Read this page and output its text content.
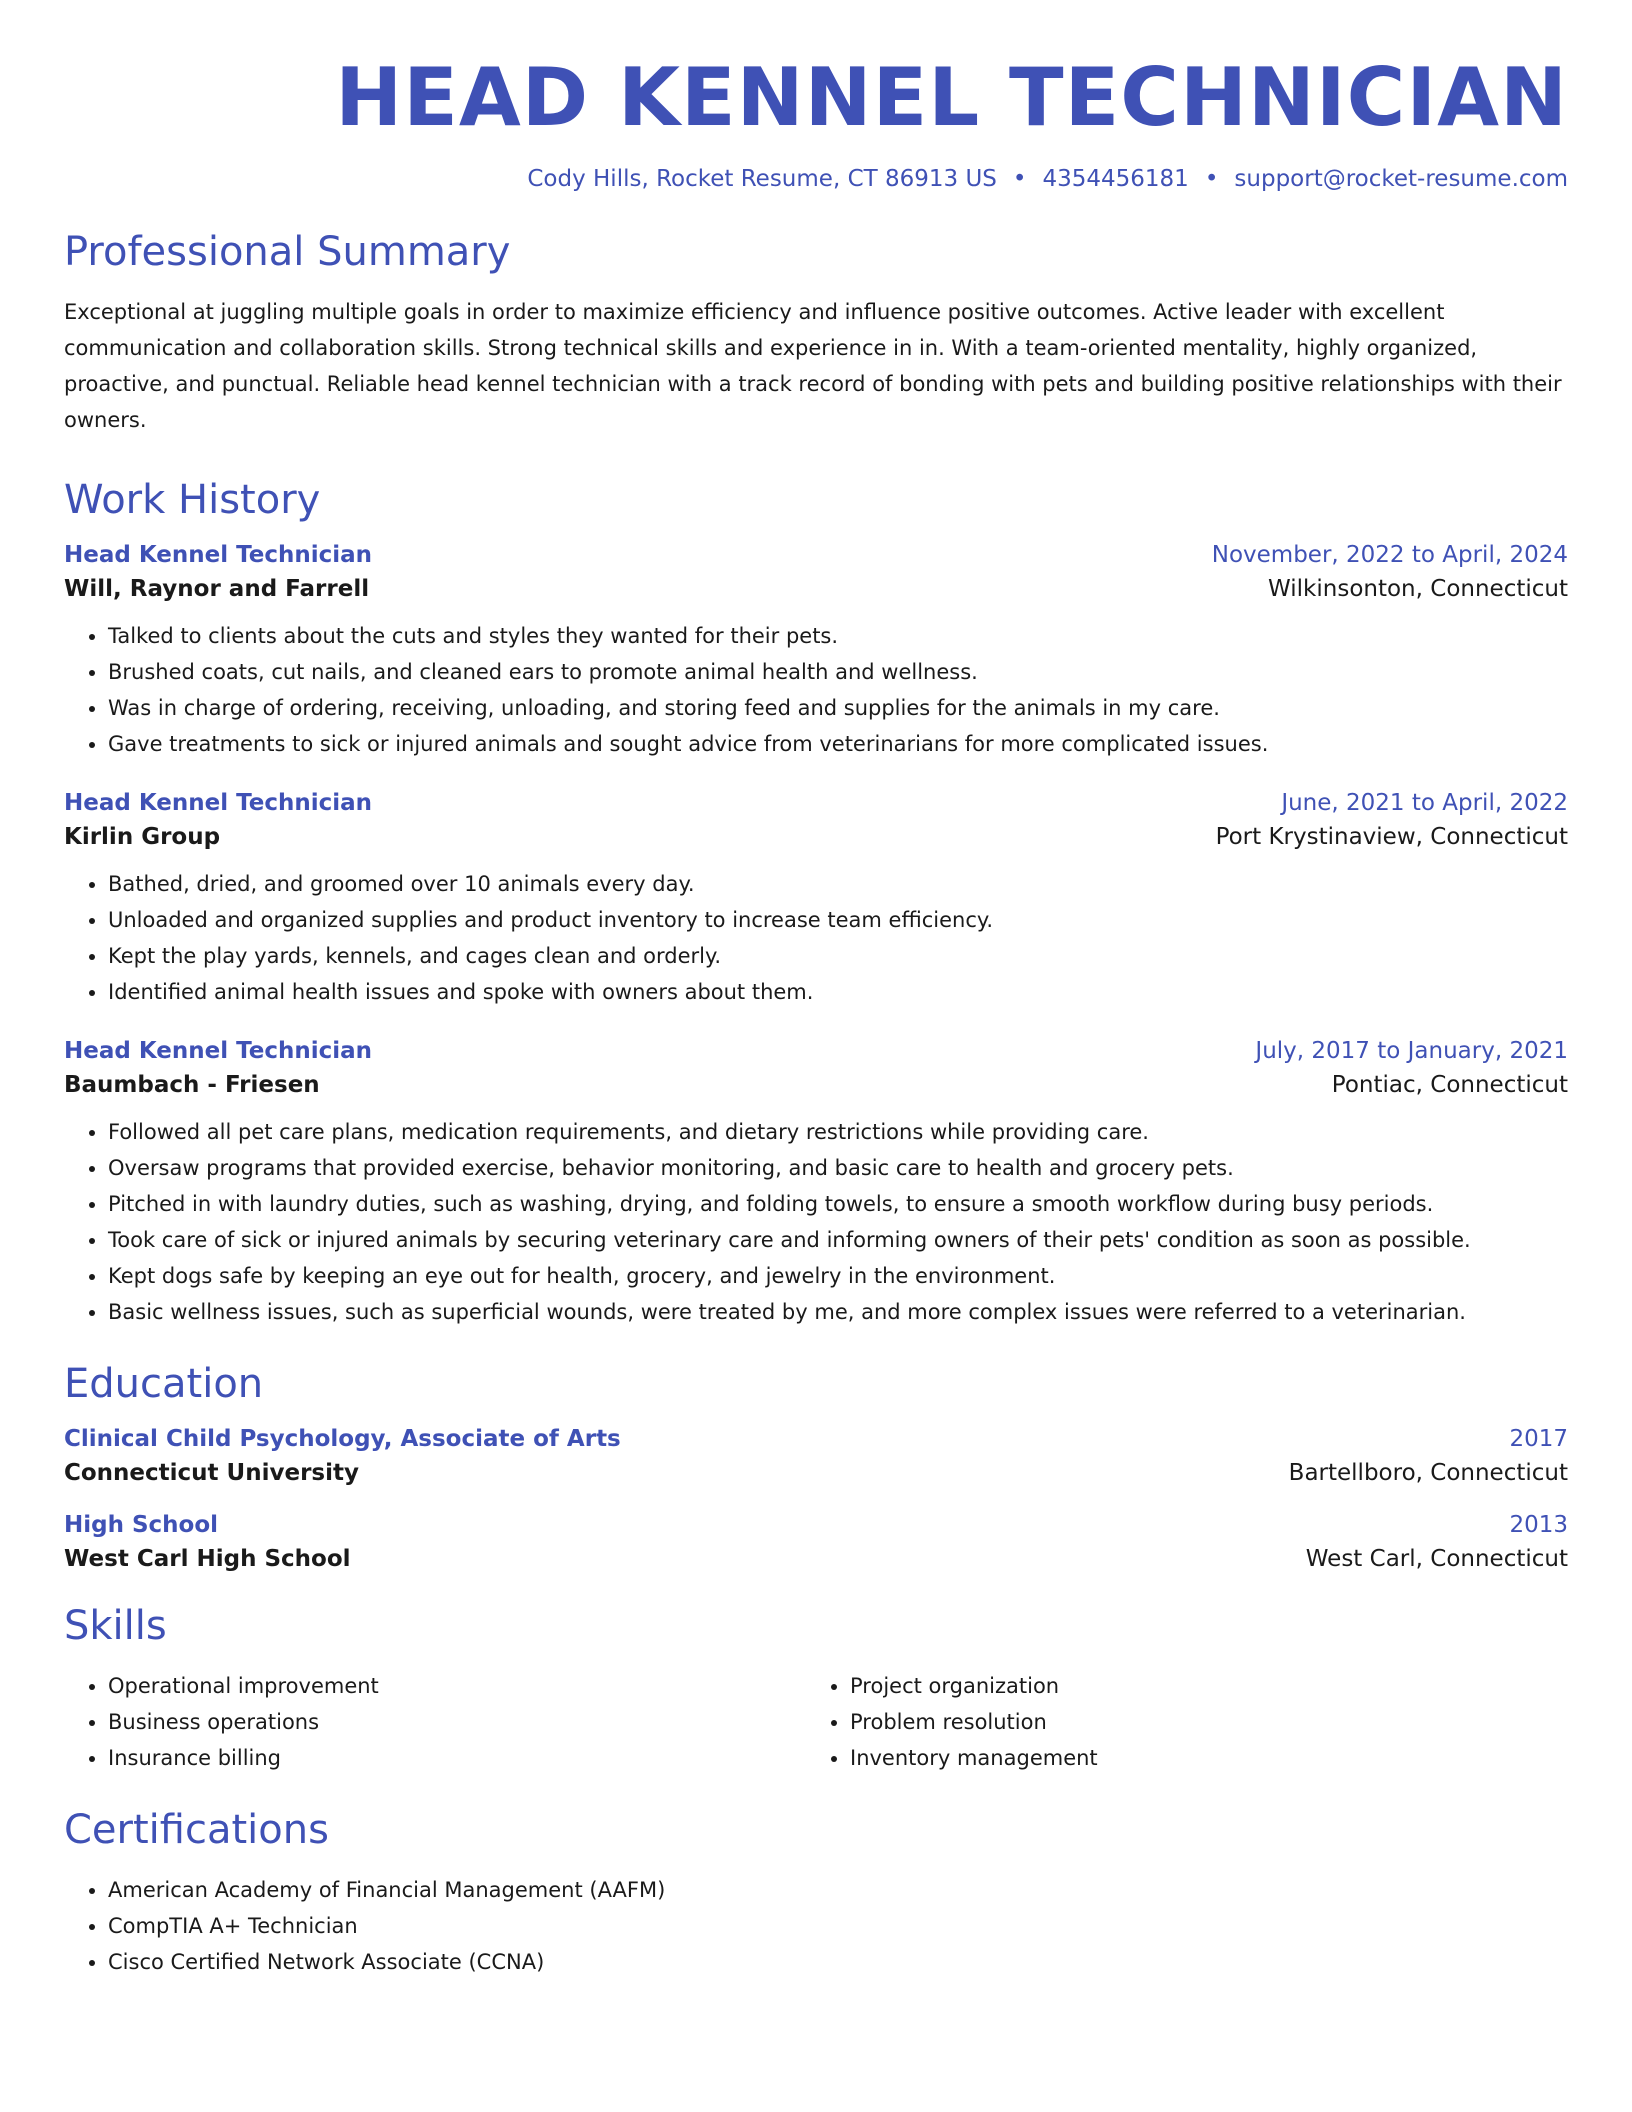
HEAD KENNEL TECHNICIAN
Cody Hills, Rocket Resume, CT 86913 US • 4354456181 • support@rocket-resume.com
Professional Summary
Exceptional at juggling multiple goals in order to maximize efficiency and influence positive outcomes. Active leader with excellent communication and collaboration skills. Strong technical skills and experience in in. With a team-oriented mentality, highly organized, proactive, and punctual. Reliable head kennel technician with a track record of bonding with pets and building positive relationships with their owners.
Work History
Head Kennel Technician	November, 2022 to April, 2024
Will, Raynor and Farrell	Wilkinsonton, Connecticut
• Talked to clients about the cuts and styles they wanted for their pets.
• Brushed coats, cut nails, and cleaned ears to promote animal health and wellness.
• Was in charge of ordering, receiving, unloading, and storing feed and supplies for the animals in my care.
• Gave treatments to sick or injured animals and sought advice from veterinarians for more complicated issues.
Head Kennel Technician	June, 2021 to April, 2022
Kirlin Group	Port Krystinaview, Connecticut
• Bathed, dried, and groomed over 10 animals every day.
• Unloaded and organized supplies and product inventory to increase team efficiency.
• Kept the play yards, kennels, and cages clean and orderly.
• Identified animal health issues and spoke with owners about them.
Head Kennel Technician	July, 2017 to January, 2021
Baumbach - Friesen	Pontiac, Connecticut
• Followed all pet care plans, medication requirements, and dietary restrictions while providing care.
• Oversaw programs that provided exercise, behavior monitoring, and basic care to health and grocery pets.
• Pitched in with laundry duties, such as washing, drying, and folding towels, to ensure a smooth workflow during busy periods.
• Took care of sick or injured animals by securing veterinary care and informing owners of their pets' condition as soon as possible.
• Kept dogs safe by keeping an eye out for health, grocery, and jewelry in the environment.
• Basic wellness issues, such as superficial wounds, were treated by me, and more complex issues were referred to a veterinarian.
Education
Clinical Child Psychology, Associate of Arts	2017
Connecticut University	Bartellboro, Connecticut
High School	2013
West Carl High School	West Carl, Connecticut
Skills
• Operational improvement
• Business operations
• Insurance billing
• Project organization
• Problem resolution
• Inventory management
Certifications
• American Academy of Financial Management (AAFM)
• CompTIA A+ Technician
• Cisco Certified Network Associate (CCNA)
